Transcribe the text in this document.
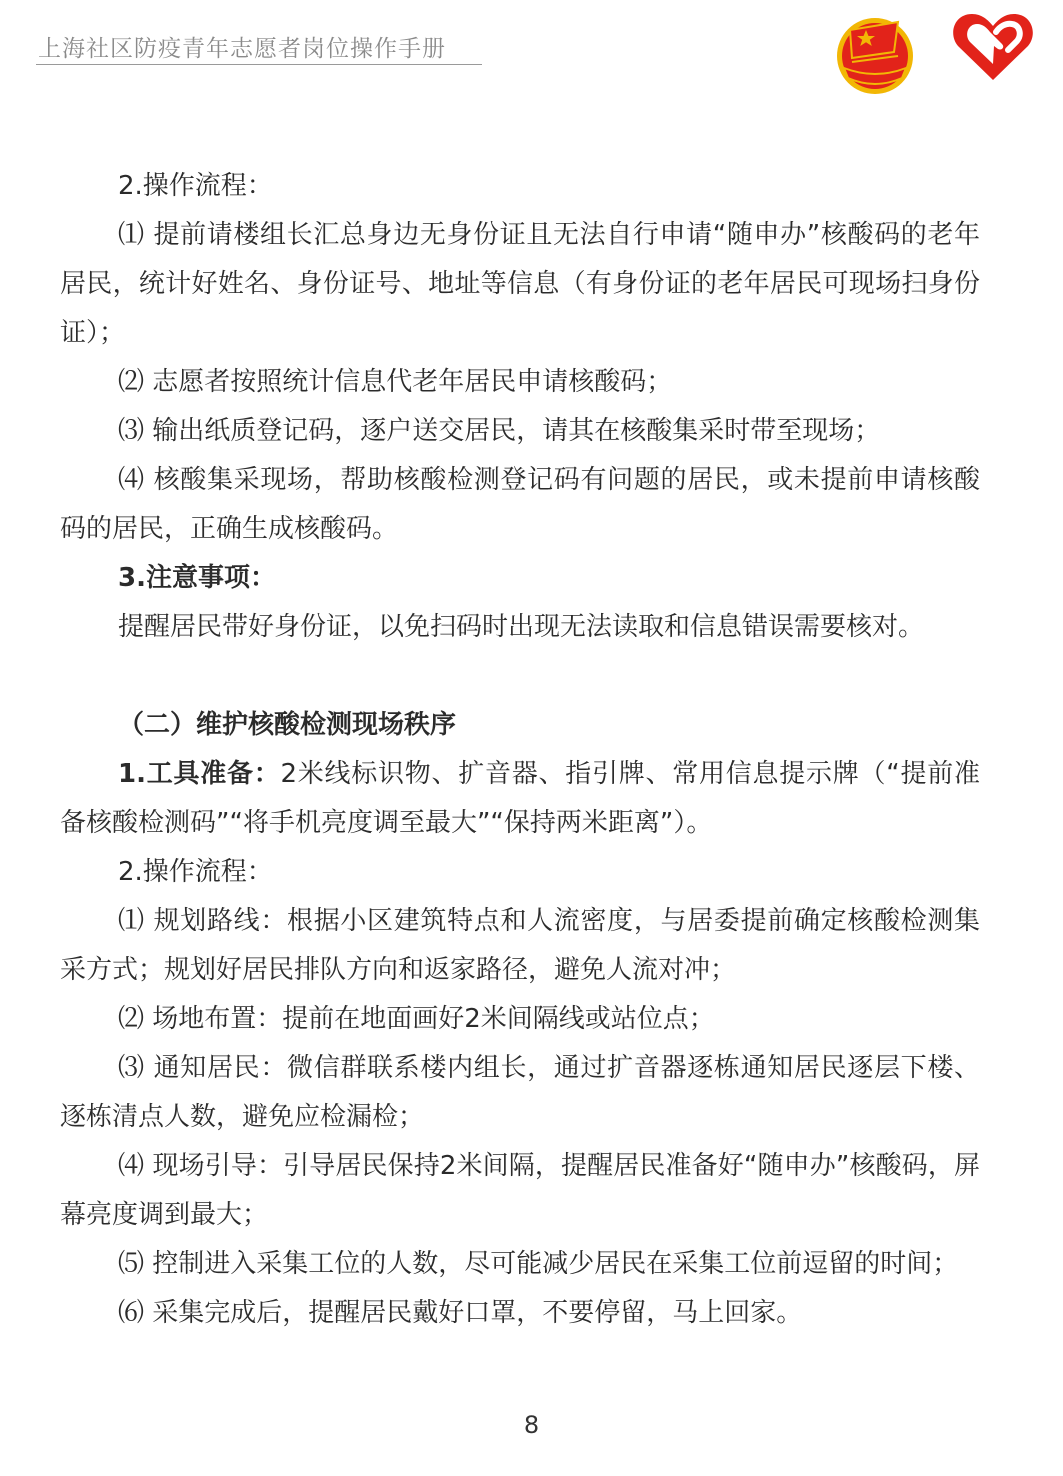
上海社区防疫青年志愿者岗位操作手册

2.操作流程：

⑴ 提前请楼组长汇总身边无身份证且无法自行申请“随申办”核酸码的老年居民，统计好姓名、身份证号、地址等信息（有身份证的老年居民可现场扫身份证）；

⑵ 志愿者按照统计信息代老年居民申请核酸码；

⑶ 输出纸质登记码，逐户送交居民，请其在核酸集采时带至现场；

⑷ 核酸集采现场，帮助核酸检测登记码有问题的居民，或未提前申请核酸码的居民，正确生成核酸码。

3.注意事项：

提醒居民带好身份证，以免扫码时出现无法读取和信息错误需要核对。

（二）维护核酸检测现场秩序

1.工具准备：2米线标识物、扩音器、指引牌、常用信息提示牌（“提前准备核酸检测码”“将手机亮度调至最大”“保持两米距离”）。

2.操作流程：

⑴ 规划路线：根据小区建筑特点和人流密度，与居委提前确定核酸检测集采方式；规划好居民排队方向和返家路径，避免人流对冲；

⑵ 场地布置：提前在地面画好2米间隔线或站位点；

⑶ 通知居民：微信群联系楼内组长，通过扩音器逐栋通知居民逐层下楼、逐栋清点人数，避免应检漏检；

⑷ 现场引导：引导居民保持2米间隔，提醒居民准备好“随申办”核酸码，屏幕亮度调到最大；

⑸ 控制进入采集工位的人数，尽可能减少居民在采集工位前逗留的时间；

⑹ 采集完成后，提醒居民戴好口罩，不要停留，马上回家。

8
